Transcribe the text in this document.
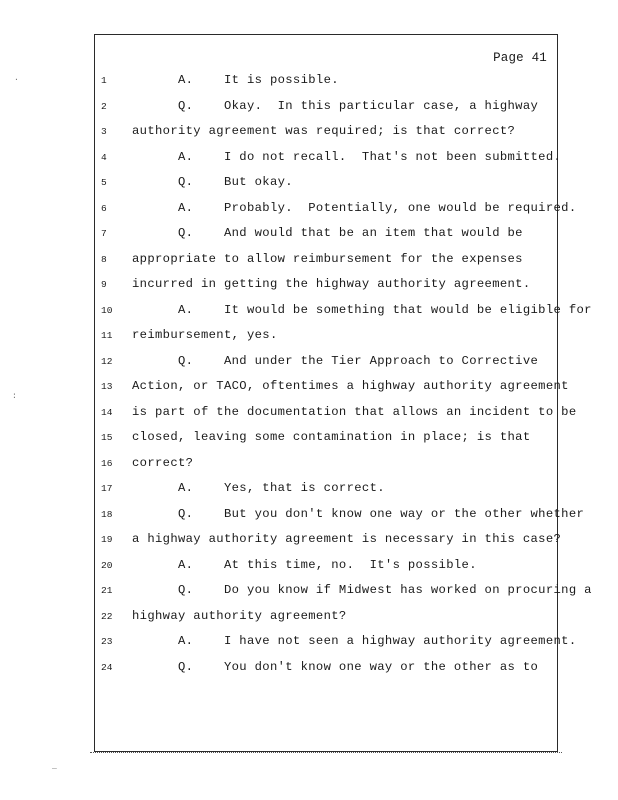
Page 41
1	A.    It is possible.
2	Q.    Okay.  In this particular case, a highway
3	authority agreement was required; is that correct?
4	A.    I do not recall.  That's not been submitted.
5	Q.    But okay.
6	A.    Probably.  Potentially, one would be required.
7	Q.    And would that be an item that would be
8	appropriate to allow reimbursement for the expenses
9	incurred in getting the highway authority agreement.
10	A.    It would be something that would be eligible for
11	reimbursement, yes.
12	Q.    And under the Tier Approach to Corrective
13	Action, or TACO, oftentimes a highway authority agreement
14	is part of the documentation that allows an incident to be
15	closed, leaving some contamination in place; is that
16	correct?
17	A.    Yes, that is correct.
18	Q.    But you don't know one way or the other whether
19	a highway authority agreement is necessary in this case?
20	A.    At this time, no.  It's possible.
21	Q.    Do you know if Midwest has worked on procuring a
22	highway authority agreement?
23	A.    I have not seen a highway authority agreement.
24	Q.    You don't know one way or the other as to
.
:
_
